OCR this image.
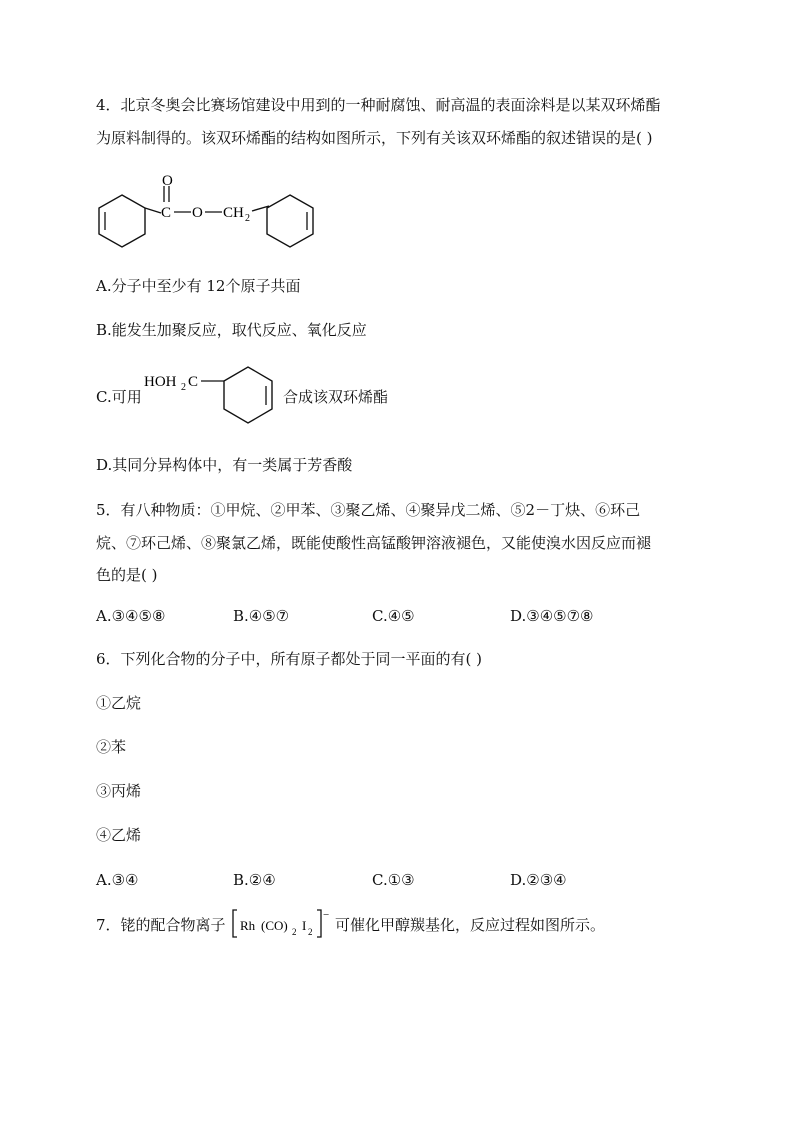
4．北京冬奥会比赛场馆建设中用到的一种耐腐蚀、耐高温的表面涂料是以某双环烯酯
为原料制得的。该双环烯酯的结构如图所示，下列有关该双环烯酯的叙述错误的是( )
O
C O CH 2
A.分子中至少有 12个原子共面
B.能发生加聚反应，取代反应、氧化反应
C.可用
HOH 2 C
合成该双环烯酯
D.其同分异构体中，有一类属于芳香酸
5．有八种物质：①甲烷、②甲苯、③聚乙烯、④聚异戊二烯、⑤2－丁炔、⑥环己
烷、⑦环己烯、⑧聚氯乙烯，既能使酸性高锰酸钾溶液褪色，又能使溴水因反应而褪
色的是( )
A.③④⑤⑧	B.④⑤⑦	C.④⑤	D.③④⑤⑦⑧
6．下列化合物的分子中，所有原子都处于同一平面的有( )
①乙烷
②苯
③丙烯
④乙烯
A.③④	B.②④	C.①③	D.②③④
7．铑的配合物离子 Rh (CO) 2 I 2
−
可催化甲醇羰基化，反应过程如图所示。
